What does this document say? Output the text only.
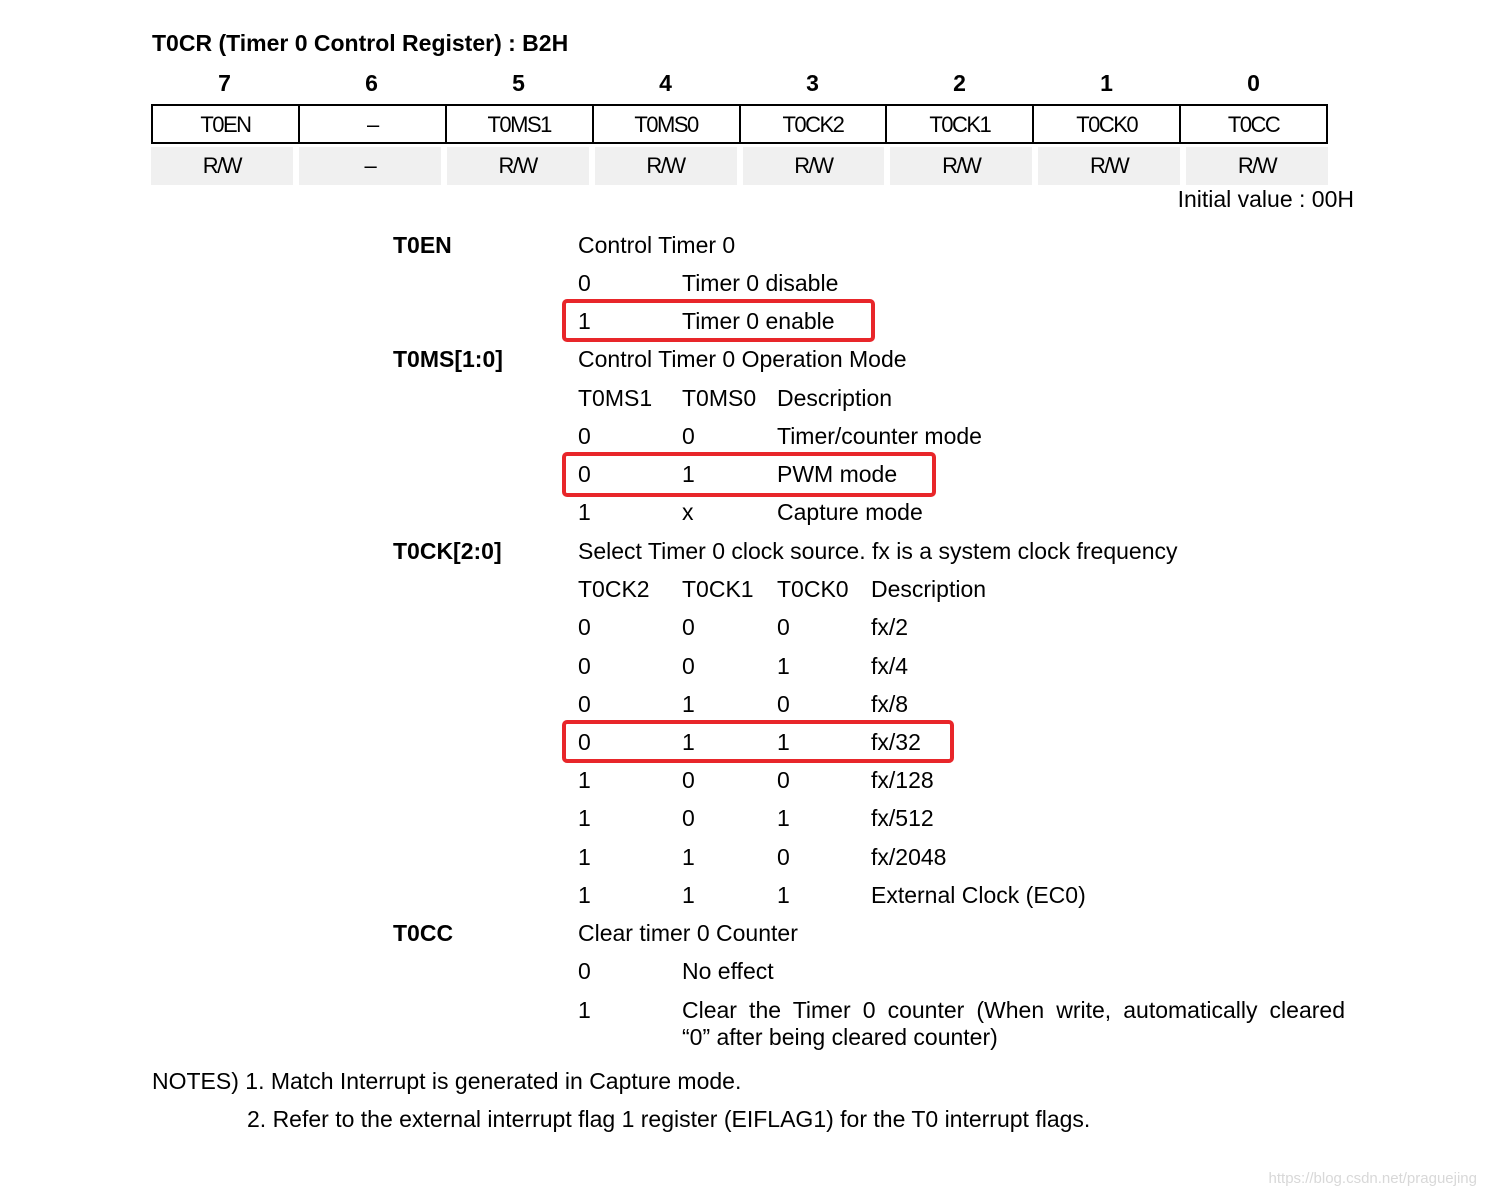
T0CR (Timer 0 Control Register) : B2H
7	6	5	4	3	2	1	0
T0EN	–	T0MS1	T0MS0	T0CK2	T0CK1	T0CK0	T0CC
R/W	–	R/W	R/W	R/W	R/W	R/W	R/W
Initial value : 00H
T0EN	Control Timer 0
0	Timer 0 disable
1	Timer 0 enable
T0MS[1:0]	Control Timer 0 Operation Mode
T0MS1 T0MS0 Description
0	0	Timer/counter mode
0	1	PWM mode
1	x	Capture mode
T0CK[2:0]	Select Timer 0 clock source. fx is a system clock frequency
T0CK2 T0CK1 T0CK0 Description
0	0	0	fx/2
0	0	1	fx/4
0	1	0	fx/8
0	1	1	fx/32
1	0	0	fx/128
1	0	1	fx/512
1	1	0	fx/2048
1	1	1	External Clock (EC0)
T0CC	Clear timer 0 Counter
0	No effect
1	Clear the Timer 0 counter (When write, automatically cleared
“0” after being cleared counter)
NOTES) 1. Match Interrupt is generated in Capture mode.
2. Refer to the external interrupt flag 1 register (EIFLAG1) for the T0 interrupt flags.
https://blog.csdn.net/praguejing
